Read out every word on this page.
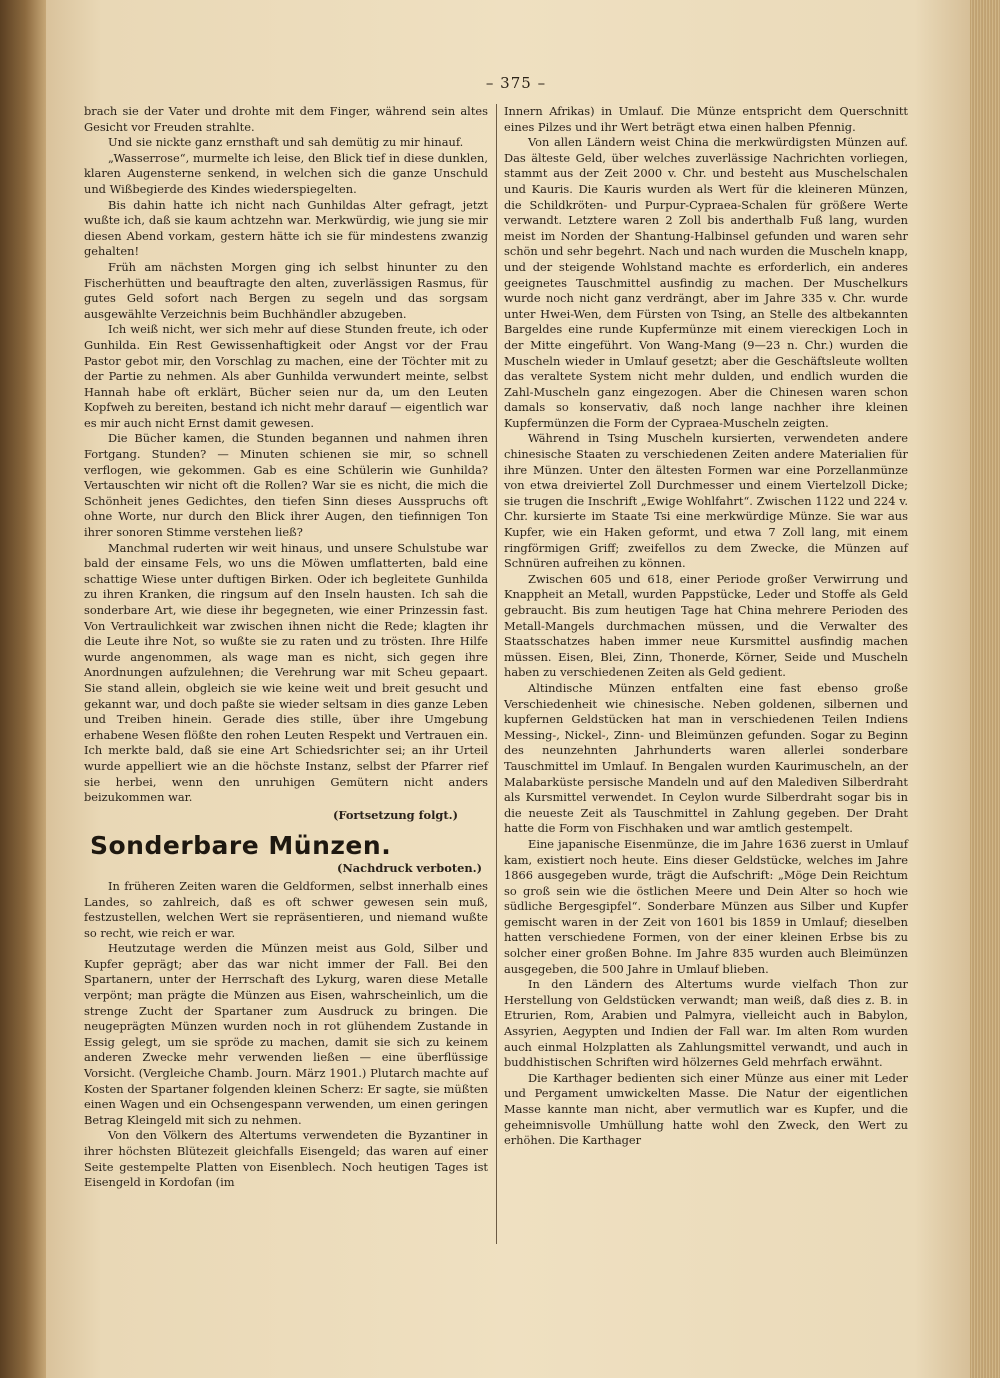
– 375 –

brach sie der Vater und drohte mit dem Finger, während sein altes Gesicht vor Freuden strahlte.

Und sie nickte ganz ernsthaft und sah demütig zu mir hinauf.

„Wasserrose“, murmelte ich leise, den Blick tief in diese dunklen, klaren Augensterne senkend, in welchen sich die ganze Unschuld und Wißbegierde des Kindes wiederspiegelten.

Bis dahin hatte ich nicht nach Gunhildas Alter gefragt, jetzt wußte ich, daß sie kaum achtzehn war. Merkwürdig, wie jung sie mir diesen Abend vorkam, gestern hätte ich sie für mindestens zwanzig gehalten!

Früh am nächsten Morgen ging ich selbst hinunter zu den Fischerhütten und beauftragte den alten, zuverlässigen Rasmus, für gutes Geld sofort nach Bergen zu segeln und das sorgsam ausgewählte Verzeichnis beim Buchhändler abzugeben.

Ich weiß nicht, wer sich mehr auf diese Stunden freute, ich oder Gunhilda. Ein Rest Gewissenhaftigkeit oder Angst vor der Frau Pastor gebot mir, den Vorschlag zu machen, eine der Töchter mit zu der Partie zu nehmen. Als aber Gunhilda verwundert meinte, selbst Hannah habe oft erklärt, Bücher seien nur da, um den Leuten Kopfweh zu bereiten, bestand ich nicht mehr darauf — eigentlich war es mir auch nicht Ernst damit gewesen.

Die Bücher kamen, die Stunden begannen und nahmen ihren Fortgang. Stunden? — Minuten schienen sie mir, so schnell verflogen, wie gekommen. Gab es eine Schülerin wie Gunhilda? Vertauschten wir nicht oft die Rollen? War sie es nicht, die mich die Schönheit jenes Gedichtes, den tiefen Sinn dieses Ausspruchs oft ohne Worte, nur durch den Blick ihrer Augen, den tiefinnigen Ton ihrer sonoren Stimme verstehen ließ?

Manchmal ruderten wir weit hinaus, und unsere Schulstube war bald der einsame Fels, wo uns die Möwen umflatterten, bald eine schattige Wiese unter duftigen Birken. Oder ich begleitete Gunhilda zu ihren Kranken, die ringsum auf den Inseln hausten. Ich sah die sonderbare Art, wie diese ihr begegneten, wie einer Prinzessin fast. Von Vertraulichkeit war zwischen ihnen nicht die Rede; klagten ihr die Leute ihre Not, so wußte sie zu raten und zu trösten. Ihre Hilfe wurde angenommen, als wage man es nicht, sich gegen ihre Anordnungen aufzulehnen; die Verehrung war mit Scheu gepaart. Sie stand allein, obgleich sie wie keine weit und breit gesucht und gekannt war, und doch paßte sie wieder seltsam in dies ganze Leben und Treiben hinein. Gerade dies stille, über ihre Umgebung erhabene Wesen flößte den rohen Leuten Respekt und Vertrauen ein. Ich merkte bald, daß sie eine Art Schiedsrichter sei; an ihr Urteil wurde appelliert wie an die höchste Instanz, selbst der Pfarrer rief sie herbei, wenn den unruhigen Gemütern nicht anders beizukommen war.

(Fortsetzung folgt.)
Sonderbare Münzen.
(Nachdruck verboten.)

In früheren Zeiten waren die Geldformen, selbst innerhalb eines Landes, so zahlreich, daß es oft schwer gewesen sein muß, festzustellen, welchen Wert sie repräsentieren, und niemand wußte so recht, wie reich er war.

Heutzutage werden die Münzen meist aus Gold, Silber und Kupfer geprägt; aber das war nicht immer der Fall. Bei den Spartanern, unter der Herrschaft des Lykurg, waren diese Metalle verpönt; man prägte die Münzen aus Eisen, wahrscheinlich, um die strenge Zucht der Spartaner zum Ausdruck zu bringen. Die neugeprägten Münzen wurden noch in rot glühendem Zustande in Essig gelegt, um sie spröde zu machen, damit sie sich zu keinem anderen Zwecke mehr verwenden ließen — eine überflüssige Vorsicht. (Vergleiche Chamb. Journ. März 1901.) Plutarch machte auf Kosten der Spartaner folgenden kleinen Scherz: Er sagte, sie müßten einen Wagen und ein Ochsengespann verwenden, um einen geringen Betrag Kleingeld mit sich zu nehmen.

Von den Völkern des Altertums verwendeten die Byzantiner in ihrer höchsten Blütezeit gleichfalls Eisengeld; das waren auf einer Seite gestempelte Platten von Eisenblech. Noch heutigen Tages ist Eisengeld in Kordofan (im

Innern Afrikas) in Umlauf. Die Münze entspricht dem Querschnitt eines Pilzes und ihr Wert beträgt etwa einen halben Pfennig.

Von allen Ländern weist China die merkwürdigsten Münzen auf. Das älteste Geld, über welches zuverlässige Nachrichten vorliegen, stammt aus der Zeit 2000 v. Chr. und besteht aus Muschelschalen und Kauris. Die Kauris wurden als Wert für die kleineren Münzen, die Schildkröten- und Purpur-Cypraea-Schalen für größere Werte verwandt. Letztere waren 2 Zoll bis anderthalb Fuß lang, wurden meist im Norden der Shantung-Halbinsel gefunden und waren sehr schön und sehr begehrt. Nach und nach wurden die Muscheln knapp, und der steigende Wohlstand machte es erforderlich, ein anderes geeignetes Tauschmittel ausfindig zu machen. Der Muschelkurs wurde noch nicht ganz verdrängt, aber im Jahre 335 v. Chr. wurde unter Hwei-Wen, dem Fürsten von Tsing, an Stelle des altbekannten Bargeldes eine runde Kupfermünze mit einem viereckigen Loch in der Mitte eingeführt. Von Wang-Mang (9—23 n. Chr.) wurden die Muscheln wieder in Umlauf gesetzt; aber die Geschäftsleute wollten das veraltete System nicht mehr dulden, und endlich wurden die Zahl-Muscheln ganz eingezogen. Aber die Chinesen waren schon damals so konservativ, daß noch lange nachher ihre kleinen Kupfermünzen die Form der Cypraea-Muscheln zeigten.

Während in Tsing Muscheln kursierten, verwendeten andere chinesische Staaten zu verschiedenen Zeiten andere Materialien für ihre Münzen. Unter den ältesten Formen war eine Porzellanmünze von etwa dreiviertel Zoll Durchmesser und einem Viertelzoll Dicke; sie trugen die Inschrift „Ewige Wohlfahrt“. Zwischen 1122 und 224 v. Chr. kursierte im Staate Tsi eine merkwürdige Münze. Sie war aus Kupfer, wie ein Haken geformt, und etwa 7 Zoll lang, mit einem ringförmigen Griff; zweifellos zu dem Zwecke, die Münzen auf Schnüren aufreihen zu können.

Zwischen 605 und 618, einer Periode großer Verwirrung und Knappheit an Metall, wurden Pappstücke, Leder und Stoffe als Geld gebraucht. Bis zum heutigen Tage hat China mehrere Perioden des Metall-Mangels durchmachen müssen, und die Verwalter des Staatsschatzes haben immer neue Kursmittel ausfindig machen müssen. Eisen, Blei, Zinn, Thonerde, Körner, Seide und Muscheln haben zu verschiedenen Zeiten als Geld gedient.

Altindische Münzen entfalten eine fast ebenso große Verschiedenheit wie chinesische. Neben goldenen, silbernen und kupfernen Geldstücken hat man in verschiedenen Teilen Indiens Messing-, Nickel-, Zinn- und Bleimünzen gefunden. Sogar zu Beginn des neunzehnten Jahrhunderts waren allerlei sonderbare Tauschmittel im Umlauf. In Bengalen wurden Kaurimuscheln, an der Malabarküste persische Mandeln und auf den Malediven Silberdraht als Kursmittel verwendet. In Ceylon wurde Silberdraht sogar bis in die neueste Zeit als Tauschmittel in Zahlung gegeben. Der Draht hatte die Form von Fischhaken und war amtlich gestempelt.

Eine japanische Eisenmünze, die im Jahre 1636 zuerst in Umlauf kam, existiert noch heute. Eins dieser Geldstücke, welches im Jahre 1866 ausgegeben wurde, trägt die Aufschrift: „Möge Dein Reichtum so groß sein wie die östlichen Meere und Dein Alter so hoch wie südliche Bergesgipfel“. Sonderbare Münzen aus Silber und Kupfer gemischt waren in der Zeit von 1601 bis 1859 in Umlauf; dieselben hatten verschiedene Formen, von der einer kleinen Erbse bis zu solcher einer großen Bohne. Im Jahre 835 wurden auch Bleimünzen ausgegeben, die 500 Jahre in Umlauf blieben.

In den Ländern des Altertums wurde vielfach Thon zur Herstellung von Geldstücken verwandt; man weiß, daß dies z. B. in Etrurien, Rom, Arabien und Palmyra, vielleicht auch in Babylon, Assyrien, Aegypten und Indien der Fall war. Im alten Rom wurden auch einmal Holzplatten als Zahlungsmittel verwandt, und auch in buddhistischen Schriften wird hölzernes Geld mehrfach erwähnt.

Die Karthager bedienten sich einer Münze aus einer mit Leder und Pergament umwickelten Masse. Die Natur der eigentlichen Masse kannte man nicht, aber vermutlich war es Kupfer, und die geheimnisvolle Umhüllung hatte wohl den Zweck, den Wert zu erhöhen. Die Karthager
